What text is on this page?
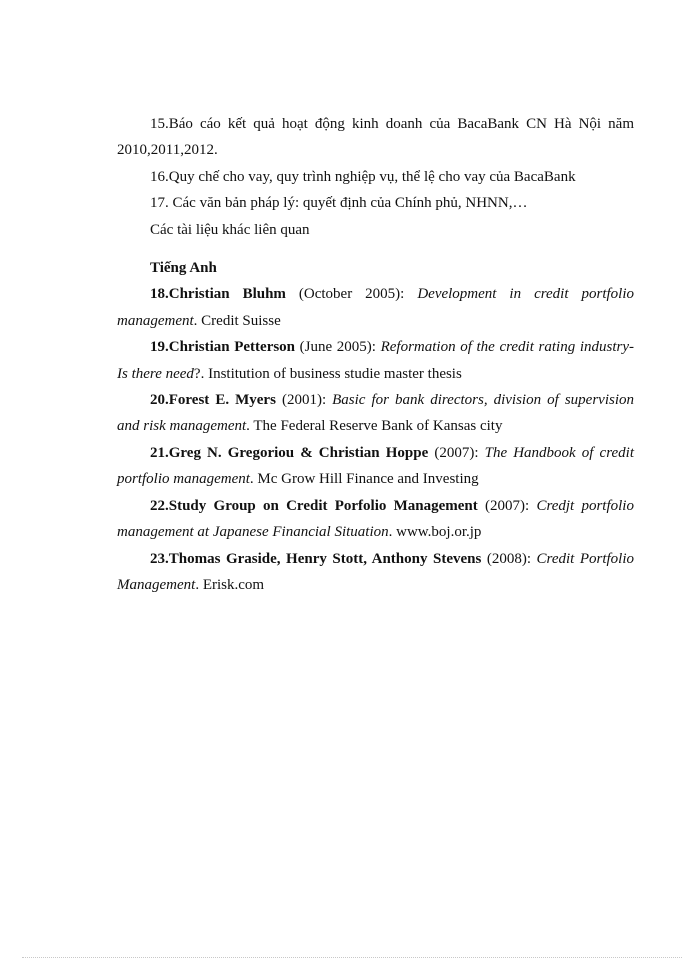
15.Báo cáo kết quả hoạt động kinh doanh của BacaBank CN Hà Nội năm 2010,2011,2012.

16.Quy chế cho vay, quy trình nghiệp vụ, thể lệ cho vay của BacaBank

17. Các văn bản pháp lý: quyết định của Chính phủ, NHNN,…

Các tài liệu khác liên quan

Tiếng Anh

18.Christian Bluhm (October 2005): Development in credit portfolio management. Credit Suisse

19.Christian Petterson (June 2005): Reformation of the credit rating industry-Is there need?. Institution of business studie master thesis

20.Forest E. Myers (2001): Basic for bank directors, division of supervision and risk management. The Federal Reserve Bank of Kansas city

21.Greg N. Gregoriou & Christian Hoppe (2007): The Handbook of credit portfolio management. Mc Grow Hill Finance and Investing

22.Study Group on Credit Porfolio Management (2007): Credjt portfolio management at Japanese Financial Situation. www.boj.or.jp

23.Thomas Graside, Henry Stott, Anthony Stevens (2008): Credit Portfolio Management. Erisk.com
